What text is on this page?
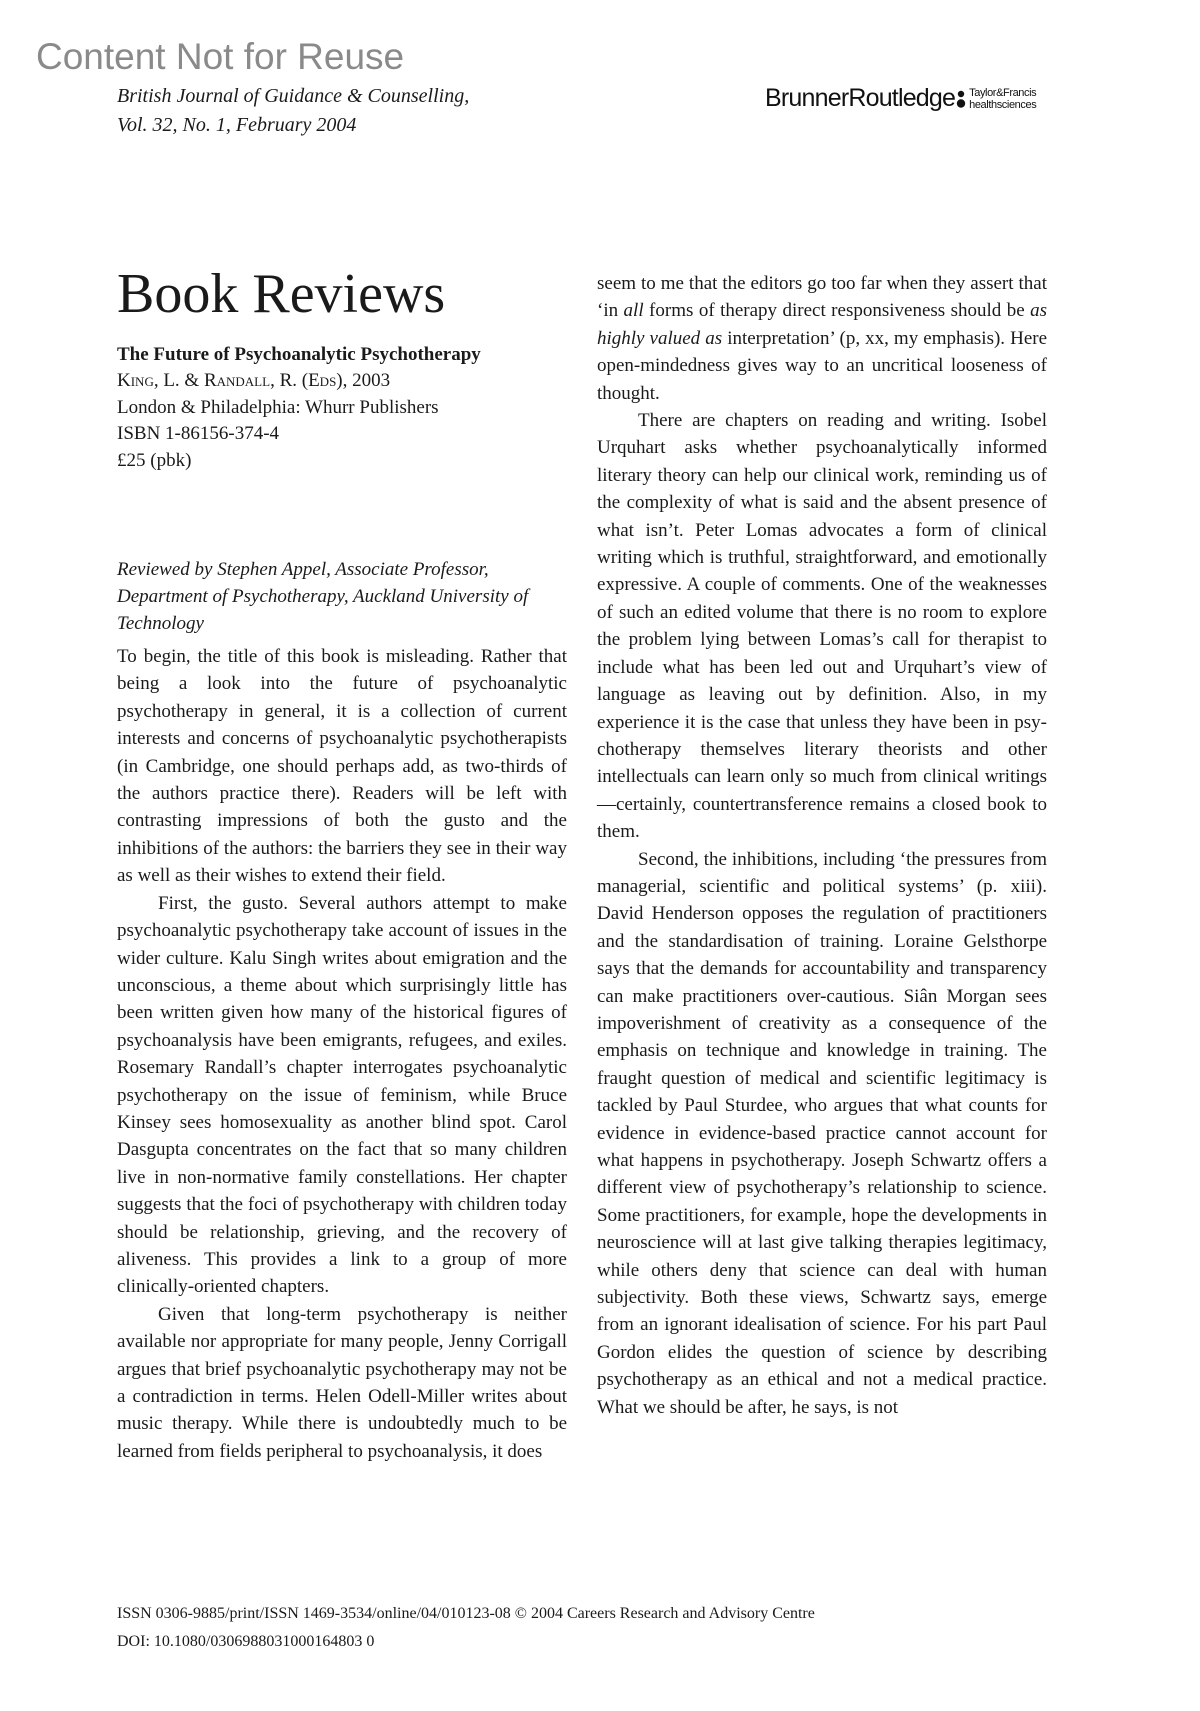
Content Not for Reuse
British Journal of Guidance & Counselling,
Vol. 32, No. 1, February 2004
BrunnerRoutledge Taylor&Francis
healthsciences
Book Reviews
The Future of Psychoanalytic Psychotherapy
King, L. & Randall, R. (Eds), 2003
London & Philadelphia: Whurr Publishers
ISBN 1-86156-374-4
£25 (pbk)
Reviewed by Stephen Appel, Associate Professor, Department of Psychotherapy, Auckland University of Technology

To begin, the title of this book is misleading. Rather that being a look into the future of psychoanalytic psychotherapy in general, it is a collection of current interests and concerns of psychoanalytic psychotherapists (in Cambridge, one should perhaps add, as two-thirds of the authors practice there). Readers will be left with contrasting impressions of both the gusto and the inhibitions of the authors: the barriers they see in their way as well as their wishes to extend their field.

First, the gusto. Several authors attempt to make psychoanalytic psychotherapy take account of issues in the wider culture. Kalu Singh writes about emigration and the unconscious, a theme about which surprisingly little has been written given how many of the historical figures of psychoanalysis have been emigrants, refugees, and exiles. Rosemary Randall’s chapter interrogates psychoanalytic psychotherapy on the issue of feminism, while Bruce Kinsey sees homosexuality as another blind spot. Carol Dasgupta concentrates on the fact that so many children live in non-normative family constellations. Her chapter suggests that the foci of psychotherapy with children today should be relationship, grieving, and the recovery of aliveness. This provides a link to a group of more clinically-oriented chapters.

Given that long-term psychotherapy is neither available nor appropriate for many people, Jenny Corrigall argues that brief psychoanalytic psychotherapy may not be a contradiction in terms. Helen Odell-Miller writes about music therapy. While there is undoubtedly much to be learned from fields peripheral to psychoanalysis, it does

seem to me that the editors go too far when they assert that ‘in all forms of therapy direct responsiveness should be as highly valued as interpretation’ (p, xx, my emphasis). Here open-mindedness gives way to an uncritical looseness of thought.

There are chapters on reading and writing. Isobel Urquhart asks whether psychoanalytically informed literary theory can help our clinical work, reminding us of the complexity of what is said and the absent presence of what isn’t. Peter Lomas advocates a form of clinical writing which is truthful, straightforward, and emotionally expressive. A couple of comments. One of the weaknesses of such an edited volume that there is no room to explore the problem lying between Lomas’s call for therapist to include what has been led out and Urquhart’s view of language as leaving out by definition. Also, in my experience it is the case that unless they have been in psychotherapy themselves literary theorists and other intellectuals can learn only so much from clinical writings—certainly, countertransference remains a closed book to them.

Second, the inhibitions, including ‘the pressures from managerial, scientific and political systems’ (p. xiii). David Henderson opposes the regulation of practitioners and the standardisation of training. Loraine Gelsthorpe says that the demands for accountability and transparency can make practitioners over-cautious. Siân Morgan sees impoverishment of creativity as a consequence of the emphasis on technique and knowledge in training. The fraught question of medical and scientific legitimacy is tackled by Paul Sturdee, who argues that what counts for evidence in evidence-based practice cannot account for what happens in psychotherapy. Joseph Schwartz offers a different view of psychotherapy’s relationship to science. Some practitioners, for example, hope the developments in neuroscience will at last give talking therapies legitimacy, while others deny that science can deal with human subjectivity. Both these views, Schwartz says, emerge from an ignorant idealisation of science. For his part Paul Gordon elides the question of science by describing psychotherapy as an ethical and not a medical practice. What we should be after, he says, is not

ISSN 0306-9885/print/ISSN 1469-3534/online/04/010123-08 © 2004 Careers Research and Advisory Centre
DOI: 10.1080/0306988031000164803 0
